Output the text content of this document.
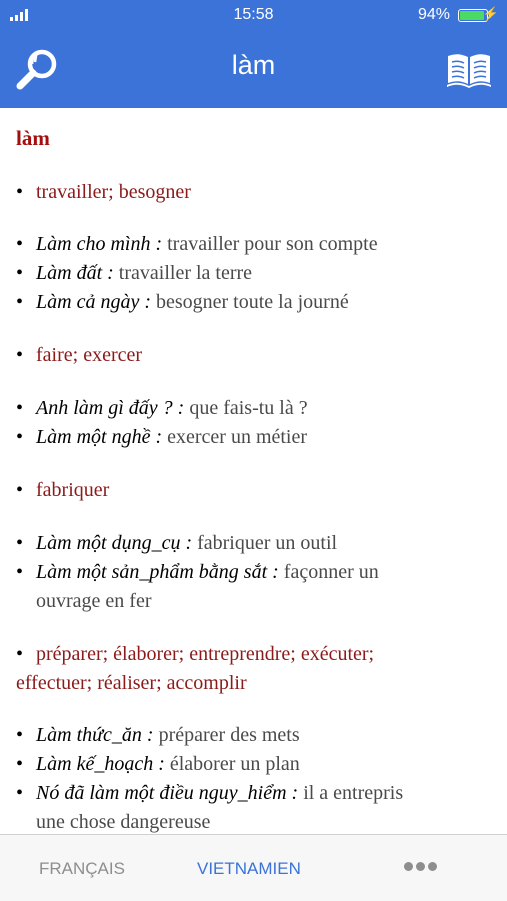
15:58	94%	⚡
làm
làm
• travailler; besogner
• Làm cho mình : travailler pour son compte
• Làm đất : travailler la terre
• Làm cả ngày : besogner toute la journé
• faire; exercer
• Anh làm gì đấy ? : que fais-tu là ?
• Làm một nghề : exercer un métier
• fabriquer
• Làm một dụng_cụ : fabriquer un outil
• Làm một sản_phẩm bằng sắt : façonner un
ouvrage en fer
• préparer; élaborer; entreprendre; exécuter;
effectuer; réaliser; accomplir
• Làm thức_ăn : préparer des mets
• Làm kế_hoạch : élaborer un plan
• Nó đã làm một điều nguy_hiểm : il a entrepris
une chose dangereuse
FRANÇAIS	VIETNAMIEN
